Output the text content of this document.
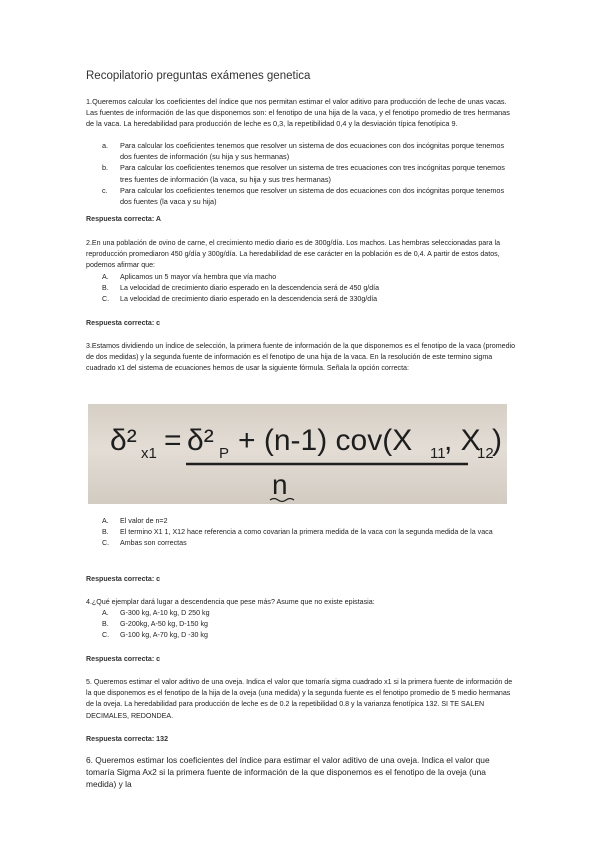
Recopilatorio preguntas exámenes genetica
1.Queremos calcular los coeficientes del índice que nos permitan estimar el valor aditivo para producción de leche de unas vacas. Las fuentes de información de las que disponemos son: el fenotipo de una hija de la vaca, y el fenotipo promedio de tres hermanas de la vaca. La heredabilidad para producción de leche es 0,3, la repetibilidad 0,4 y la desviación típica fenotípica 9.
a. Para calcular los coeficientes tenemos que resolver un sistema de dos ecuaciones con dos incógnitas porque tenemos dos fuentes de información (su hija y sus hermanas)
b. Para calcular los coeficientes tenemos que resolver un sistema de tres ecuaciones con tres incógnitas porque tenemos tres fuentes de información (la vaca, su hija y sus tres hermanas)
c. Para calcular los coeficientes tenemos que resolver un sistema de dos ecuaciones con dos incógnitas porque tenemos dos fuentes (la vaca y su hija)
Respuesta correcta: A
2.En una población de ovino de carne, el crecimiento medio diario es de 300g/día. Los machos. Las hembras seleccionadas para la reproducción promediaron 450 g/día y 300g/día. La heredabilidad de ese carácter en la población es de 0,4. A partir de estos datos, podemos afirmar que:
A. Aplicamos un 5 mayor vía hembra que vía macho
B. La velocidad de crecimiento diario esperado en la descendencia será de 450 g/día
C. La velocidad de crecimiento diario esperado en la descendencia será de 330g/día
Respuesta correcta: c
3.Estamos dividiendo un índice de selección, la primera fuente de información de la que disponemos es el fenotipo de la vaca (promedio de dos medidas) y la segunda fuente de información es el fenotipo de una hija de la vaca. En la resolución de este termino sigma cuadrado x1 del sistema de ecuaciones hemos de usar la siguiente fórmula. Señala la opción correcta:
δ² x1 = δ² P + (n-1) cov(X 11
, X
12
)
n
A. El valor de n=2
B. El termino X1 1, X12 hace referencia a como covarian la primera medida de la vaca con la segunda medida de la vaca
C. Ambas son correctas
Respuesta correcta: c
4.¿Qué ejemplar dará lugar a descendencia que pese más? Asume que no existe epistasia:
A. G-300 kg, A-10 kg, D 250 kg
B. G-200kg, A-50 kg, D-150 kg
C. G-100 kg, A-70 kg, D -30 kg
Respuesta correcta: c
5. Queremos estimar el valor aditivo de una oveja. Indica el valor que tomaría sigma cuadrado x1 si la primera fuente de información de la que disponemos es el fenotipo de la hija de la oveja (una medida) y la segunda fuente es el fenotipo promedio de 5 medio hermanas de la oveja. La heredabilidad para producción de leche es de 0.2 la repetibilidad 0.8 y la varianza fenotípica 132. SI TE SALEN DECIMALES, REDONDEA.
Respuesta correcta: 132
6. Queremos estimar los coeficientes del índice para estimar el valor aditivo de una oveja. Indica el valor que tomaría Sigma Ax2 si la primera fuente de información de la que disponemos es el fenotipo de la oveja (una medida) y la
